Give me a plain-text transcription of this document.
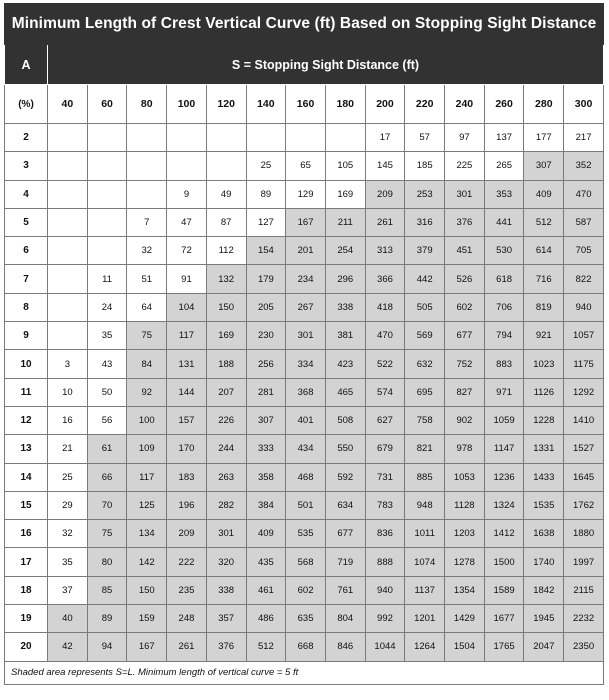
Minimum Length of Crest Vertical Curve (ft) Based on Stopping Sight Distance
A	S = Stopping Sight Distance (ft)													
(%)	40	60	80	100	120	140	160	180	200	220	240	260	280	300
2									17	57	97	137	177	217
3						25	65	105	145	185	225	265	307	352
4				9	49	89	129	169	209	253	301	353	409	470
5			7	47	87	127	167	211	261	316	376	441	512	587
6			32	72	112	154	201	254	313	379	451	530	614	705
7		11	51	91	132	179	234	296	366	442	526	618	716	822
8		24	64	104	150	205	267	338	418	505	602	706	819	940
9		35	75	117	169	230	301	381	470	569	677	794	921	1057
10	3	43	84	131	188	256	334	423	522	632	752	883	1023	1175
11	10	50	92	144	207	281	368	465	574	695	827	971	1126	1292
12	16	56	100	157	226	307	401	508	627	758	902	1059	1228	1410
13	21	61	109	170	244	333	434	550	679	821	978	1147	1331	1527
14	25	66	117	183	263	358	468	592	731	885	1053	1236	1433	1645
15	29	70	125	196	282	384	501	634	783	948	1128	1324	1535	1762
16	32	75	134	209	301	409	535	677	836	1011	1203	1412	1638	1880
17	35	80	142	222	320	435	568	719	888	1074	1278	1500	1740	1997
18	37	85	150	235	338	461	602	761	940	1137	1354	1589	1842	2115
19	40	89	159	248	357	486	635	804	992	1201	1429	1677	1945	2232
20	42	94	167	261	376	512	668	846	1044	1264	1504	1765	2047	2350
Shaded area represents S=L. Minimum length of vertical curve = 5 ft
